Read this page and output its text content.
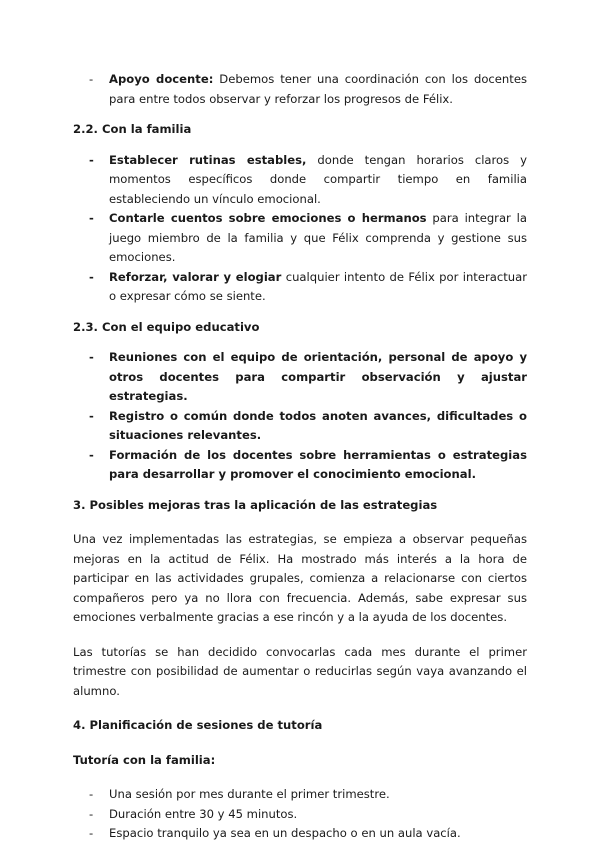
- Apoyo docente: Debemos tener una coordinación con los docentes para entre todos observar y reforzar los progresos de Félix.
2.2. Con la familia
- Establecer rutinas estables, donde tengan horarios claros y momentos específicos donde compartir tiempo en familia estableciendo un vínculo emocional.
- Contarle cuentos sobre emociones o hermanos para integrar la juego miembro de la familia y que Félix comprenda y gestione sus emociones.
- Reforzar, valorar y elogiar cualquier intento de Félix por interactuar o expresar cómo se siente.
2.3. Con el equipo educativo
- Reuniones con el equipo de orientación, personal de apoyo y otros docentes para compartir observación y ajustar estrategias.
- Registro o común donde todos anoten avances, dificultades o situaciones relevantes.
- Formación de los docentes sobre herramientas o estrategias para desarrollar y promover el conocimiento emocional.
3. Posibles mejoras tras la aplicación de las estrategias

Una vez implementadas las estrategias, se empieza a observar pequeñas mejoras en la actitud de Félix. Ha mostrado más interés a la hora de participar en las actividades grupales, comienza a relacionarse con ciertos compañeros pero ya no llora con frecuencia. Además, sabe expresar sus emociones verbalmente gracias a ese rincón y a la ayuda de los docentes.

Las tutorías se han decidido convocarlas cada mes durante el primer trimestre con posibilidad de aumentar o reducirlas según vaya avanzando el alumno.

4. Planificación de sesiones de tutoría
Tutoría con la familia:
- Una sesión por mes durante el primer trimestre.
- Duración entre 30 y 45 minutos.
- Espacio tranquilo ya sea en un despacho o en un aula vacía.
